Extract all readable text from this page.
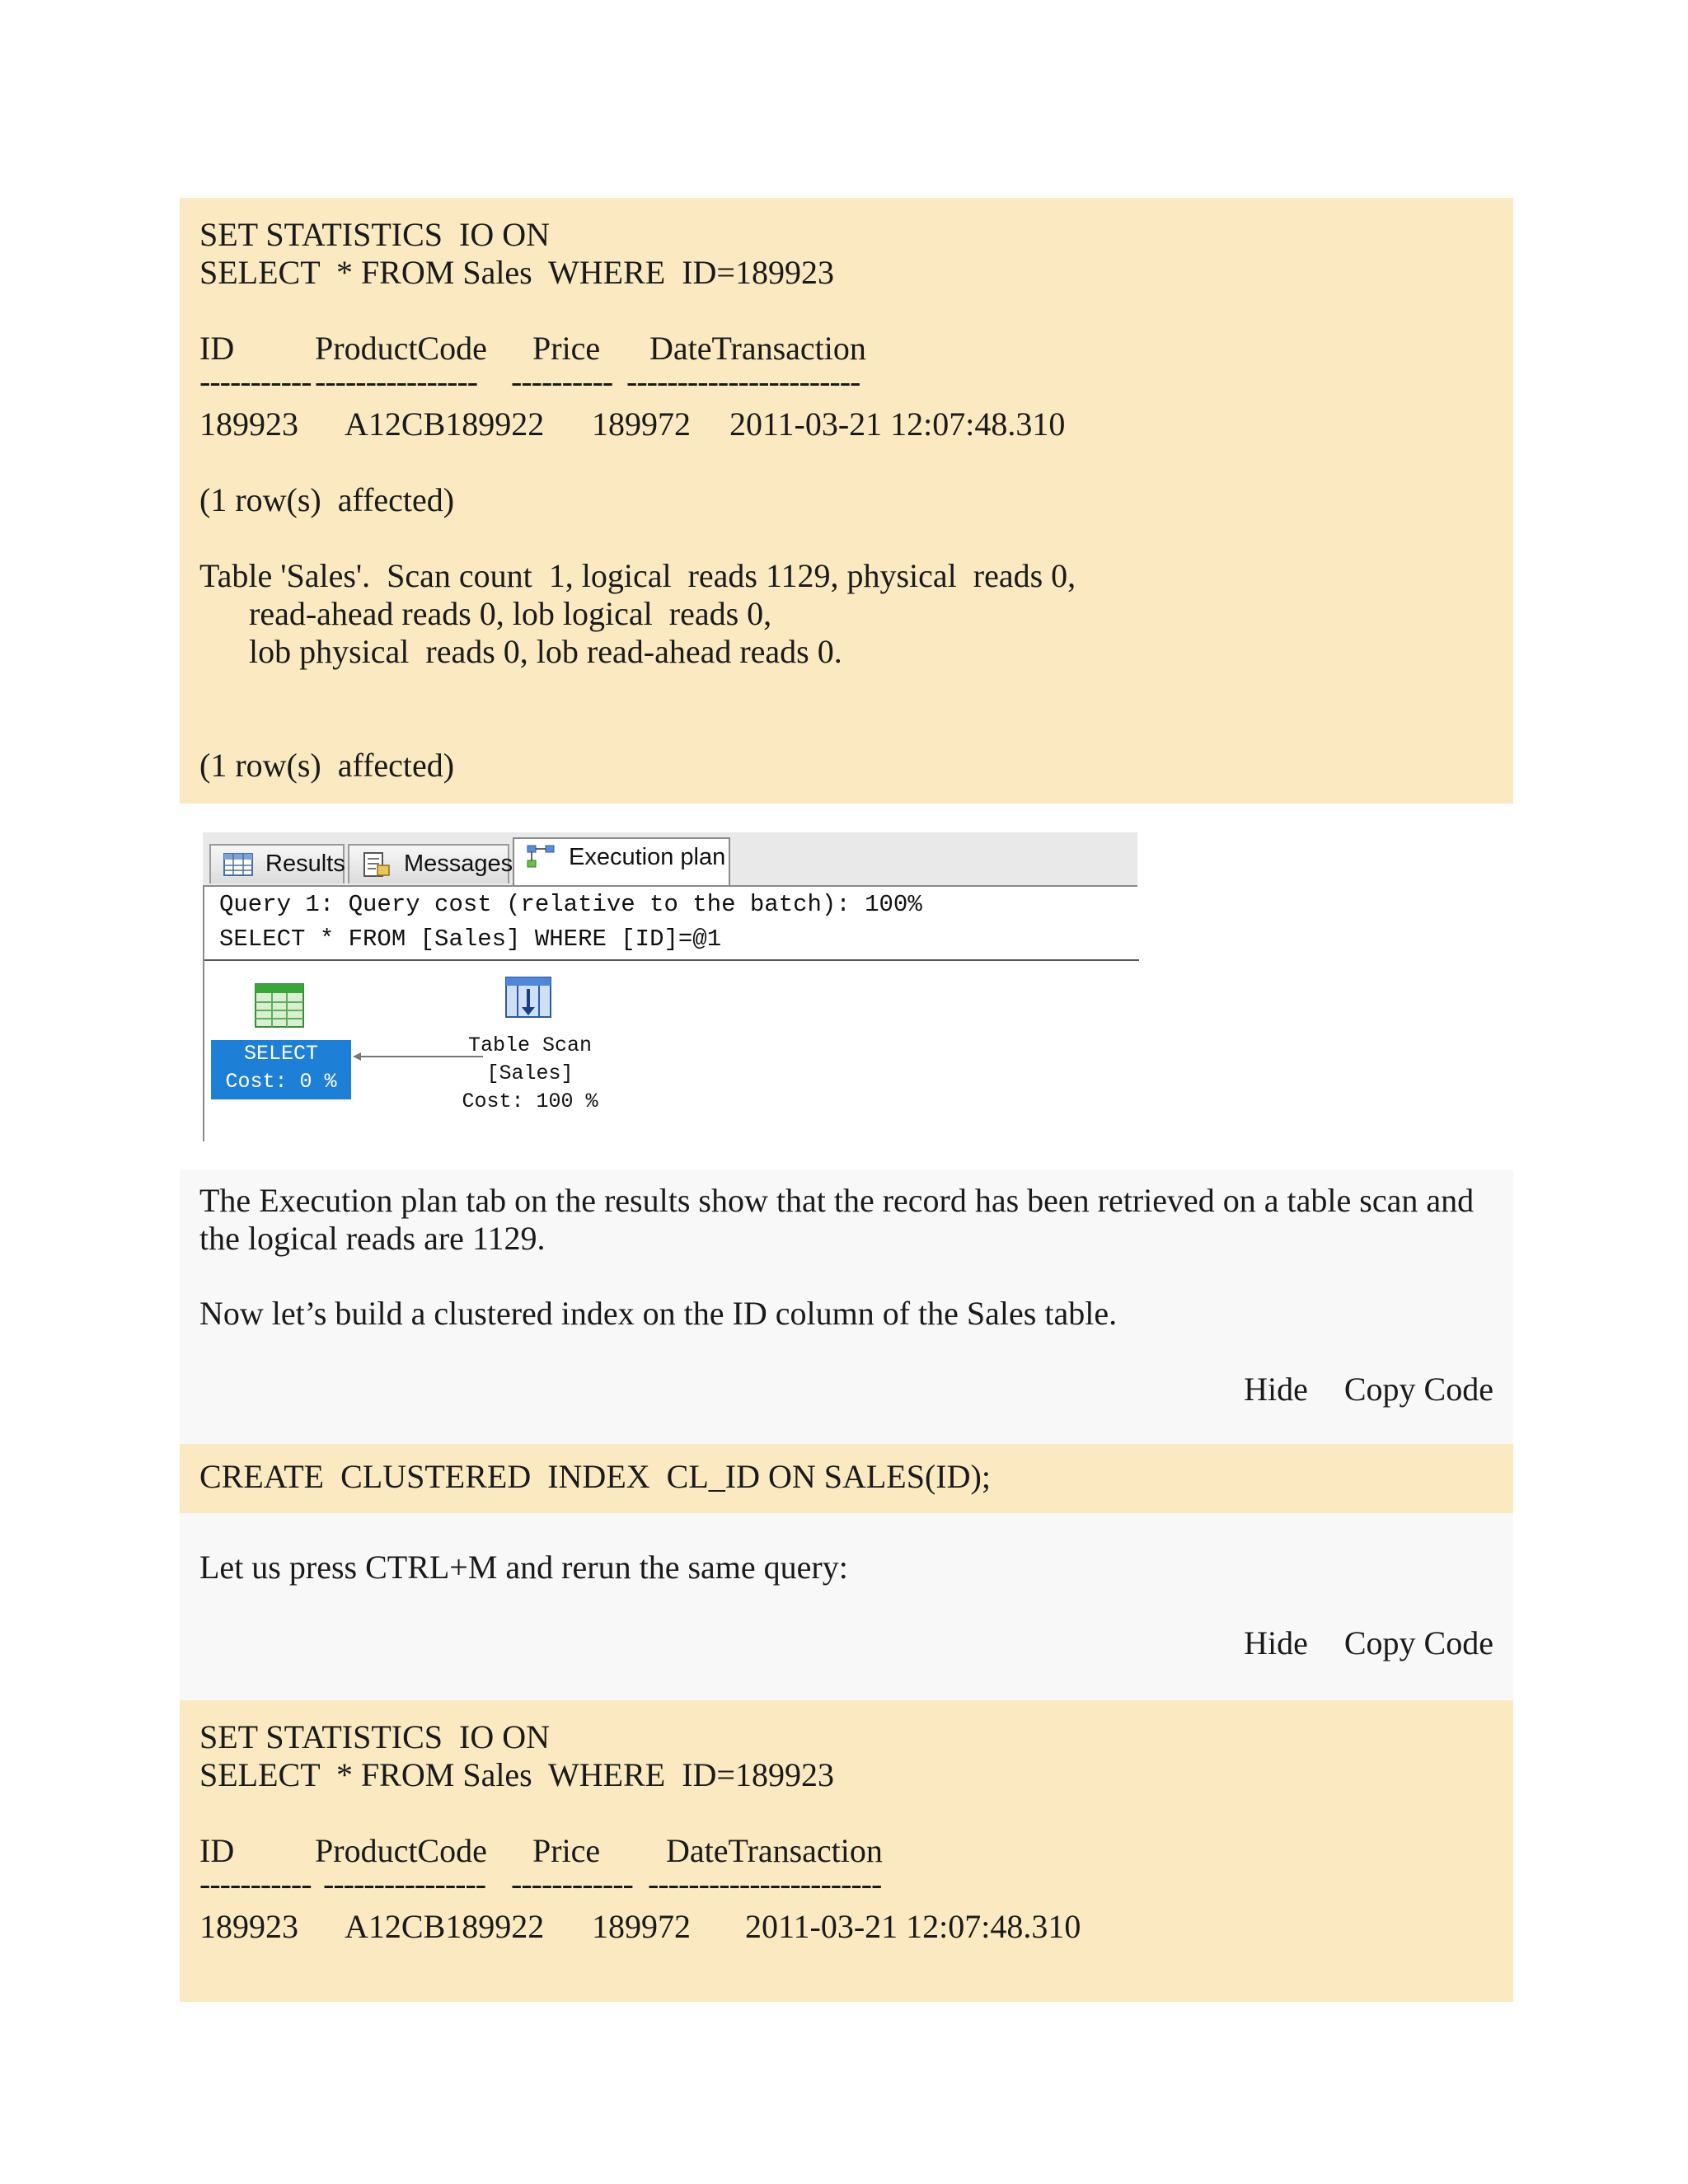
SET STATISTICS  IO ON
SELECT  * FROM Sales  WHERE  ID=189923
ID ProductCode Price DateTransaction
----------- ---------------- ---------- -----------------------
189923 A12CB189922 189972 2011-03-21 12:07:48.310
(1 row(s)  affected)
Table 'Sales'.  Scan count  1, logical  reads 1129, physical  reads 0,
read-ahead reads 0, lob logical  reads 0,
lob physical  reads 0, lob read-ahead reads 0.
(1 row(s)  affected)
Results	Messages	Execution plan
Query 1: Query cost (relative to the batch): 100%
SELECT * FROM [Sales] WHERE [ID]=@1
SELECT
Cost: 0 %
Table Scan
[Sales]
Cost: 100 %

The Execution plan tab on the results show that the record has been retrieved on a table scan and the logical reads are 1129.

Now let’s build a clustered index on the ID column of the Sales table.

Hide Copy Code
CREATE  CLUSTERED  INDEX  CL_ID ON SALES(ID);

Let us press CTRL+M and rerun the same query:

Hide Copy Code
SET STATISTICS  IO ON
SELECT  * FROM Sales  WHERE  ID=189923
ID ProductCode Price DateTransaction
----------- ---------------- ------------ -----------------------
189923 A12CB189922 189972 2011-03-21 12:07:48.310
